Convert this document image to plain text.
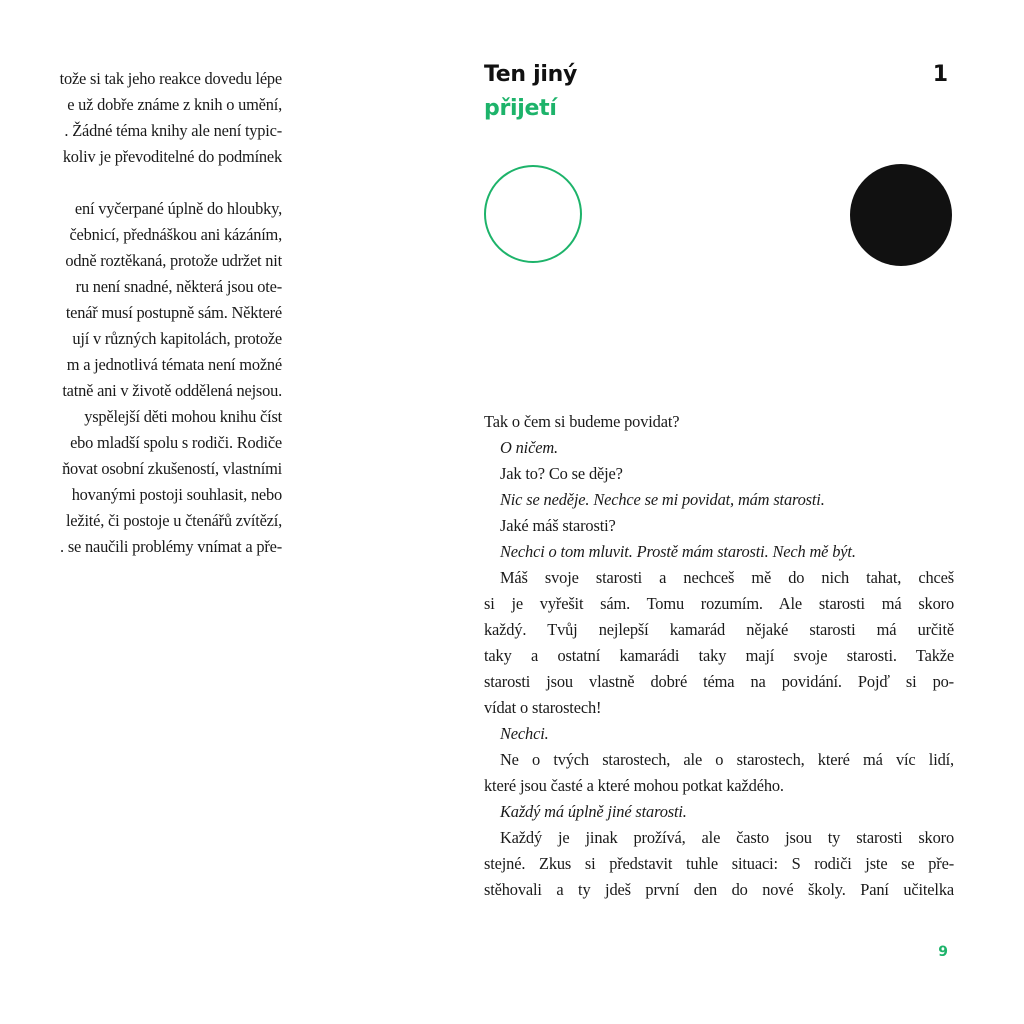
tože si tak jeho reakce dovedu lépe
e už dobře známe z knih o umění,
. Žádné téma knihy ale není typic-
koliv je převoditelné do podmínek
ení vyčerpané úplně do hloubky,
čebnicí, přednáškou ani kázáním,
odně roztěkaná, protože udržet nit
ru není snadné, některá jsou ote-
tenář musí postupně sám. Některé
ují v různých kapitolách, protože
m a jednotlivá témata není možné
tatně ani v životě oddělená nejsou.
yspělejší děti mohou knihu číst
ebo mladší spolu s rodiči. Rodiče
ňovat osobní zkušeností, vlastními
hovanými postoji souhlasit, nebo
ležité, či postoje u čtenářů zvítězí,
. se naučili problémy vnímat a pře-
Ten jiný
přijetí
1
Tak o čem si budeme povidat?
O ničem.
Jak to? Co se děje?
Nic se neděje. Nechce se mi povidat, mám starosti.
Jaké máš starosti?
Nechci o tom mluvit. Prostě mám starosti. Nech mě být.
Máš svoje starosti a nechceš mě do nich tahat, chceš
si je vyřešit sám. Tomu rozumím. Ale starosti má skoro
každý. Tvůj nejlepší kamarád nějaké starosti má určitě
taky a ostatní kamarádi taky mají svoje starosti. Takže
starosti jsou vlastně dobré téma na povidání. Pojď si po-
vídat o starostech!
Nechci.
Ne o tvých starostech, ale o starostech, které má víc lidí,
které jsou časté a které mohou potkat každého.
Každý má úplně jiné starosti.
Každý je jinak prožívá, ale často jsou ty starosti skoro
stejné. Zkus si představit tuhle situaci: S rodiči jste se pře-
stěhovali a ty jdeš první den do nové školy. Paní učitelka
9
